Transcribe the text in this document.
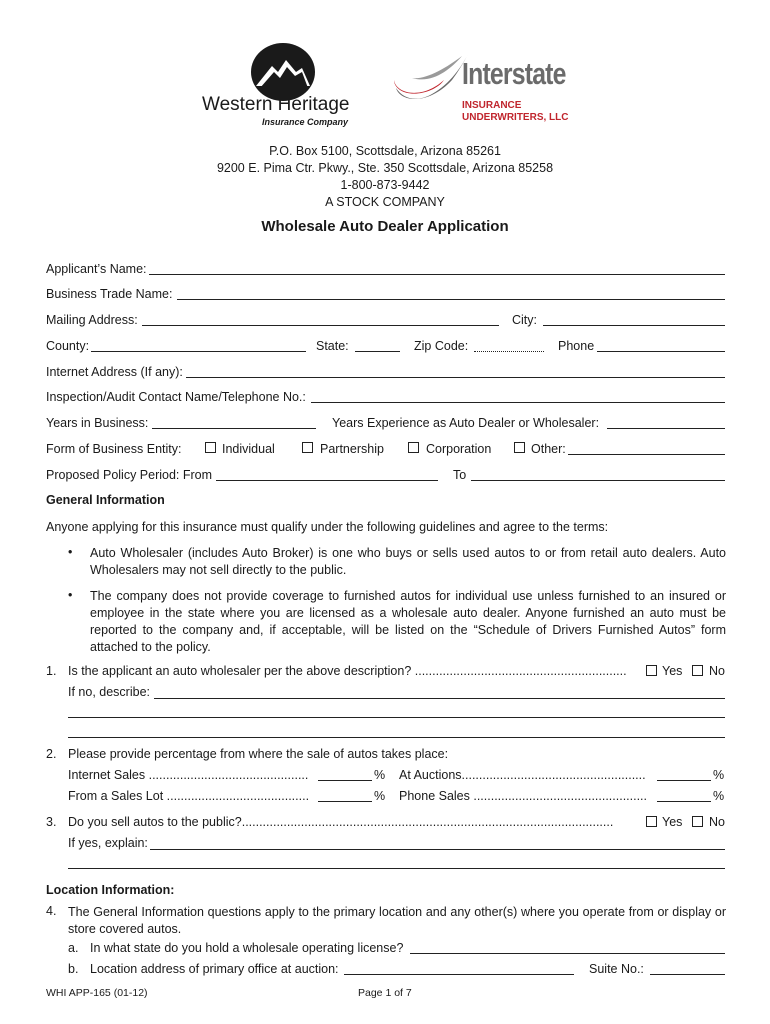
Western Heritage
Insurance Company
Interstate
INSURANCE
UNDERWRITERS, LLC
P.O. Box 5100, Scottsdale, Arizona 85261
9200 E. Pima Ctr. Pkwy., Ste. 350 Scottsdale, Arizona 85258
1-800-873-9442
A STOCK COMPANY
Wholesale Auto Dealer Application
Applicant’s Name:
Business Trade Name:
Mailing Address:	City:
County:	State:	Zip Code:	Phone
Internet Address (If any):
Inspection/Audit Contact Name/Telephone No.:
Years in Business:	Years Experience as Auto Dealer or Wholesaler:
Form of Business Entity:	Individual	Partnership	Corporation	Other:
Proposed Policy Period: From	To
General Information
Anyone applying for this insurance must qualify under the following guidelines and agree to the terms:
• Auto Wholesaler (includes Auto Broker) is one who buys or sells used autos to or from retail auto dealers. Auto Wholesalers may not sell directly to the public.
• The company does not provide coverage to furnished autos for individual use unless furnished to an insured or employee in the state where you are licensed as a wholesale auto dealer. Anyone furnished an auto must be reported to the company and, if acceptable, will be listed on the “Schedule of Drivers Furnished Autos” form attached to the policy.
1. Is the applicant an auto wholesaler per the above description? .............................................................	Yes No
If no, describe:
2. Please provide percentage from where the sale of autos takes place:
Internet Sales ..............................................	% At Auctions.....................................................	%
From a Sales Lot .........................................	% Phone Sales ..................................................	%
3. Do you sell autos to the public?...........................................................................................................	Yes No
If yes, explain:
Location Information:
4. The General Information questions apply to the primary location and any other(s) where you operate from or display or store covered autos.
a. In what state do you hold a wholesale operating license?
b. Location address of primary office at auction:	Suite No.:
WHI APP-165 (01-12)	Page 1 of 7
